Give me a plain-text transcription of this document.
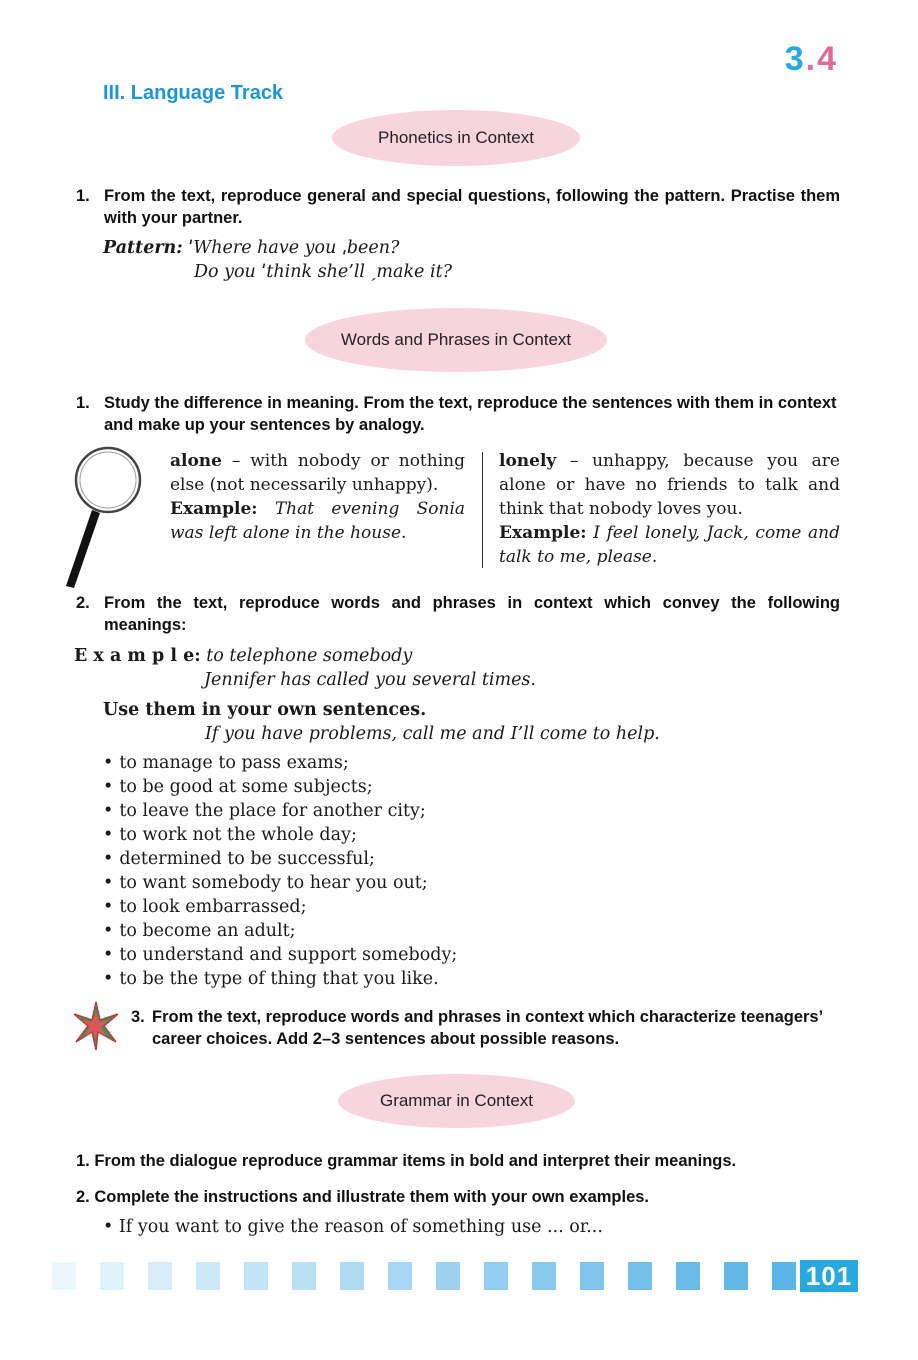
3.4
III. Language Track
Phonetics in Context
1. From the text, reproduce general and special questions, following the pattern. Practise them with your partner.
Pattern: ˈWhere have you ˌbeen?
Do you ˈthink she’ll ˏmake it?
Words and Phrases in Context
1. Study the difference in meaning. From the text, reproduce the sentences with them in context and make up your sentences by analogy.
alone – with nobody or nothing else (not necessarily unhappy).
Example: That evening Sonia was left alone in the house.
lonely – unhappy, because you are alone or have no friends to talk and think that nobody loves you.
Example: I feel lonely, Jack, come and talk to me, please.
2. From the text, reproduce words and phrases in context which convey the following meanings:
E x a m p l e: to telephone somebody
Jennifer has called you several times.
Use them in your own sentences.
If you have problems, call me and I’ll come to help.
• to manage to pass exams;
• to be good at some subjects;
• to leave the place for another city;
• to work not the whole day;
• determined to be successful;
• to want somebody to hear you out;
• to look embarrassed;
• to become an adult;
• to understand and support somebody;
• to be the type of thing that you like.
3. From the text, reproduce words and phrases in context which characterize teenagers’ career choices. Add 2–3 sentences about possible reasons.
Grammar in Context
1. From the dialogue reproduce grammar items in bold and interpret their meanings.
2. Complete the instructions and illustrate them with your own examples.
• If you want to give the reason of something use ... or...
101
